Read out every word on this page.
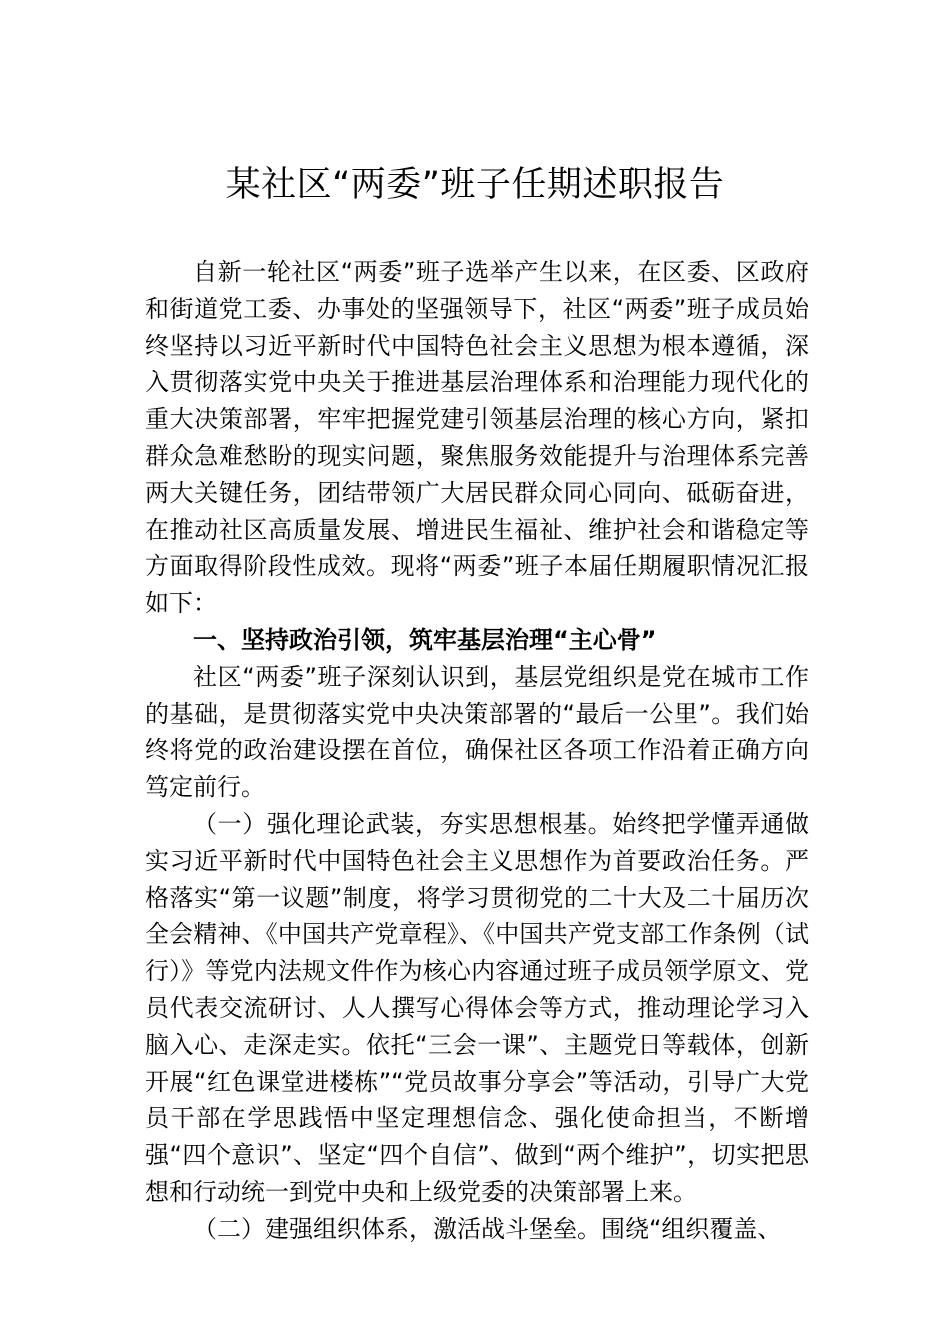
某社区“两委”班子任期述职报告

自新一轮社区“两委”班子选举产生以来，在区委、区政府和街道党工委、办事处的坚强领导下，社区“两委”班子成员始终坚持以习近平新时代中国特色社会主义思想为根本遵循，深入贯彻落实党中央关于推进基层治理体系和治理能力现代化的重大决策部署，牢牢把握党建引领基层治理的核心方向，紧扣群众急难愁盼的现实问题，聚焦服务效能提升与治理体系完善两大关键任务，团结带领广大居民群众同心同向、砥砺奋进，在推动社区高质量发展、增进民生福祉、维护社会和谐稳定等方面取得阶段性成效。现将“两委”班子本届任期履职情况汇报如下：

一、坚持政治引领，筑牢基层治理“主心骨”

社区“两委”班子深刻认识到，基层党组织是党在城市工作的基础，是贯彻落实党中央决策部署的“最后一公里”。我们始终将党的政治建设摆在首位，确保社区各项工作沿着正确方向笃定前行。

（一）强化理论武装，夯实思想根基。始终把学懂弄通做实习近平新时代中国特色社会主义思想作为首要政治任务。严格落实“第一议题”制度，将学习贯彻党的二十大及二十届历次全会精神、《中国共产党章程》、《中国共产党支部工作条例（试行）》等党内法规文件作为核心内容通过班子成员领学原文、党员代表交流研讨、人人撰写心得体会等方式，推动理论学习入脑入心、走深走实。依托“三会一课”、主题党日等载体，创新开展“红色课堂进楼栋”“党员故事分享会”等活动，引导广大党员干部在学思践悟中坚定理想信念、强化使命担当，不断增强“四个意识”、坚定“四个自信”、做到“两个维护”，切实把思想和行动统一到党中央和上级党委的决策部署上来。

（二）建强组织体系，激活战斗堡垒。围绕“组织覆盖、
